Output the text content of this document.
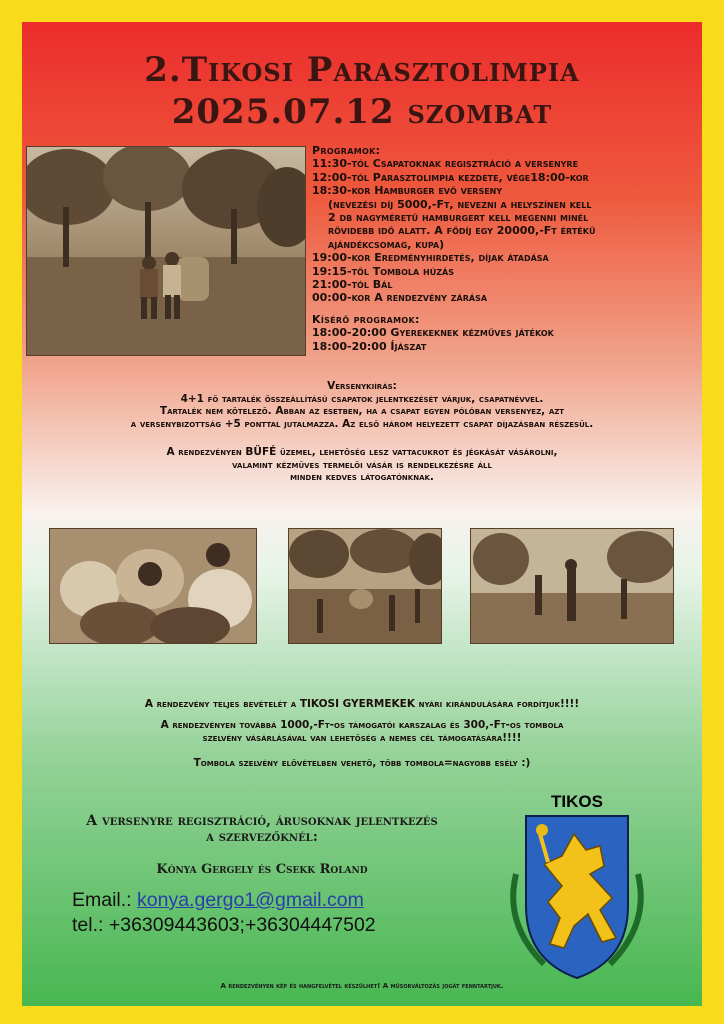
2.Tikosi Parasztolimpia
2025.07.12 szombat
Programok:
11:30-tól Csapatoknak regisztráció a versenyre
12:00-tól Parasztolimpia kezdete, vége18:00-kor
18:30-kor Hamburger evő verseny
(nevezési díj 5000,-Ft, nevezni a helyszínen kell
2 db nagyméretű hamburgert kell megenni minél
rövidebb idő alatt. A fődíj egy 20000,-Ft értékű
ajándékcsomag, kupa)
19:00-kor Eredményhirdetés, díjak átadása
19:15-től Tombola húzás
21:00-tól Bál
00:00-kor A rendezvény zárása
Kísérő programok:
18:00-20:00 Gyerekeknek kézműves játékok
18:00-20:00 Íjászat
Versenykiírás:
4+1 fő tartalék összeállítású csapatok jelentkezését várjuk, csapatnévvel.
Tartalék nem kötelező. Abban az esetben, ha a csapat egyen pólóban versenyez, azt
a versenybizottság +5 ponttal jutalmazza. Az első három helyezett csapat díjazásban részesül.
A rendezvényen BÜFÉ üzemel, lehetőség lesz vattacukrot és jégkását vásárolni,
valamint kézműves termelői vásár is rendelkezésre áll
minden kedves látogatónknak.
A rendezvény teljes bevételét a TIKOSI GYERMEKEK nyári kirándulására fordítjuk!!!!
A rendezvényen továbbá 1000,-Ft-os támogatói karszalag és 300,-Ft-os tombola
szelvény vásárlásával van lehetőség a nemes cél támogatására!!!!
Tombola szelvény elővételben vehető, több tombola=nagyobb esély :)
A versenyre regisztráció, árusoknak jelentkezés
a szervezőknél:
Kónya Gergely és Csekk Roland
Email.: konya.gergo1@gmail.com
tel.: +36309443603;+36304447502
TIKOS
A rendezvényen kép és hangfelvétel készülhet! A műsorváltozás jogát fenntartjuk.
